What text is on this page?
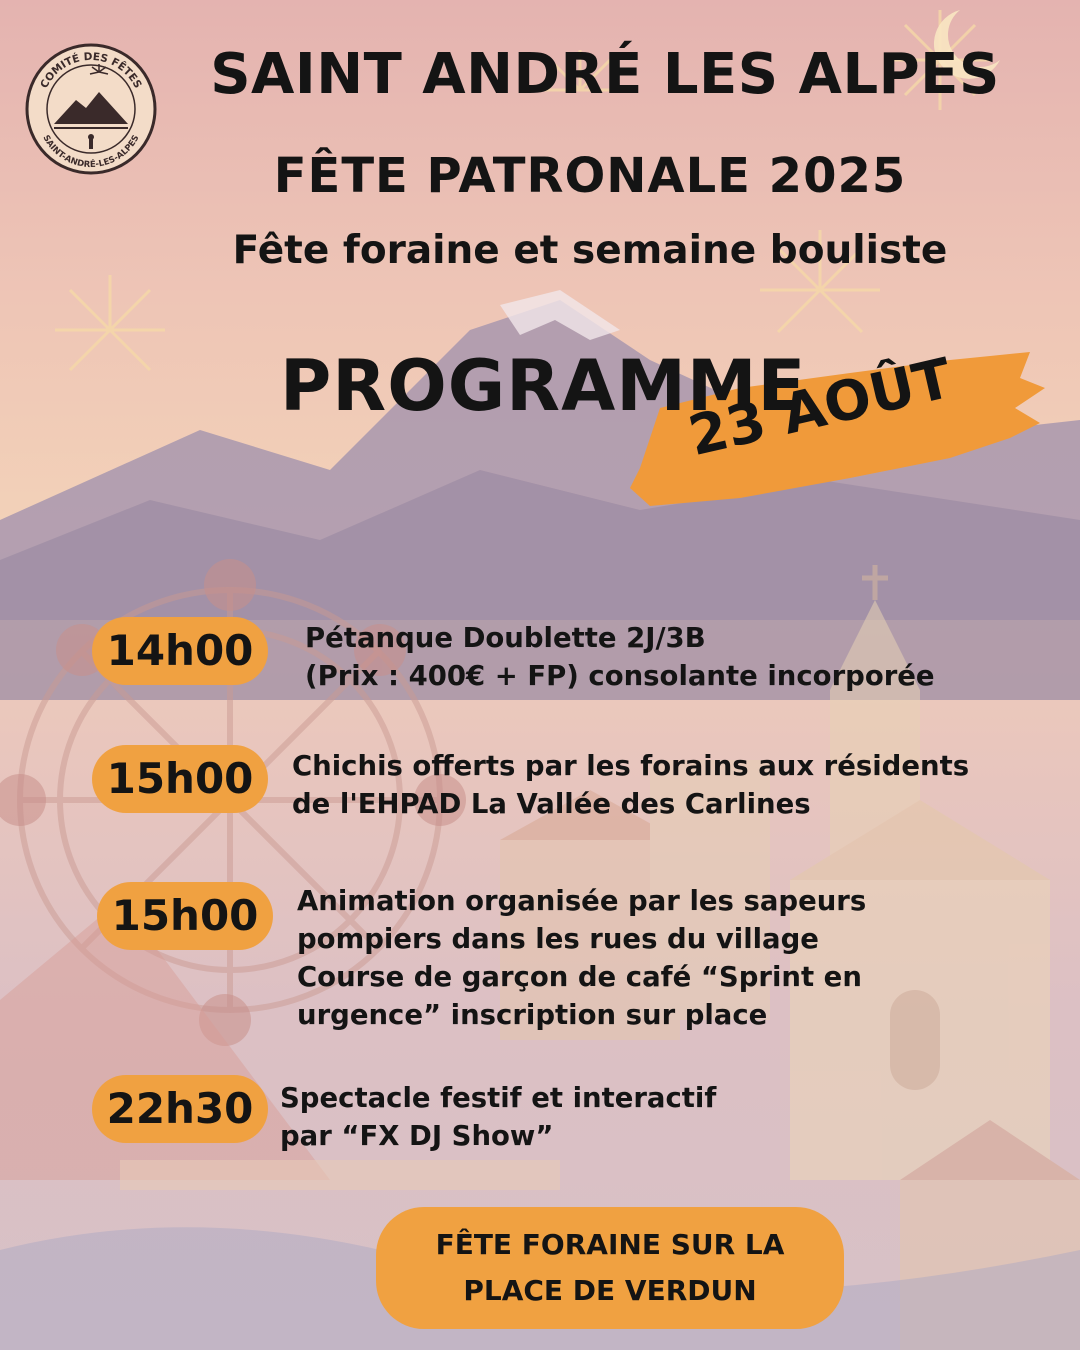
COMITÉ DES FÊTES
SAINT-ANDRÉ-LES-ALPES
SAINT ANDRÉ LES ALPES
FÊTE PATRONALE 2025
Fête foraine et semaine bouliste
PROGRAMME
23 AOÛT
14h00	Pétanque Doublette 2J/3B
(Prix : 400€ + FP) consolante incorporée
15h00	Chichis offerts par les forains aux résidents
de l'EHPAD La Vallée des Carlines
15h00	Animation organisée par les sapeurs
pompiers dans les rues du village
Course de garçon de café “Sprint en
urgence” inscription sur place
22h30 Spectacle festif et interactif
par “FX DJ Show”
FÊTE FORAINE SUR LA
PLACE DE VERDUN
